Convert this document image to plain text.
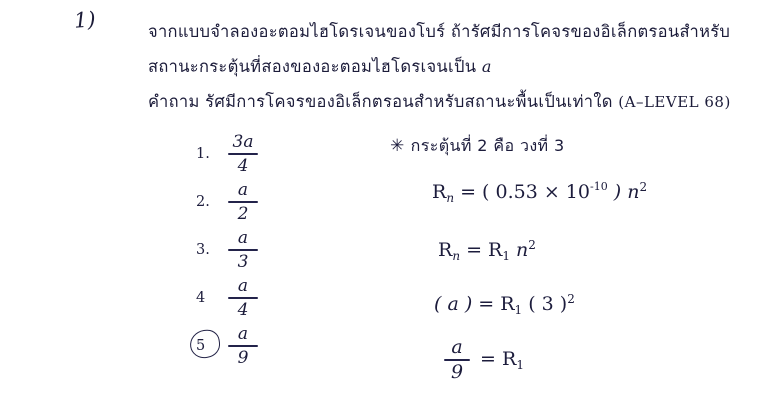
1)	จากแบบจำลองอะตอมไฮโดรเจนของโบร์ ถ้ารัศมีการโคจรของอิเล็กตรอนสำหรับ
สถานะกระตุ้นที่สองของอะตอมไฮโดรเจนเป็น a
คำถาม รัศมีการโคจรของอิเล็กตรอนสำหรับสถานะพื้นเป็นเท่าใด (A–LEVEL 68)
1.
3a
4
2.
a
2
3.
a
3
4
a
4
5
a
9
✳ กระตุ้นที่ 2 คือ วงที่ 3
$R_n$ = ( $0.53 \times 10^{-10}$ ) $n^2$
$R_n = R_1$ $n^2$
( a ) = $R_1$ ( 3 )$^2$
$\frac{a}{9} = R_1$
